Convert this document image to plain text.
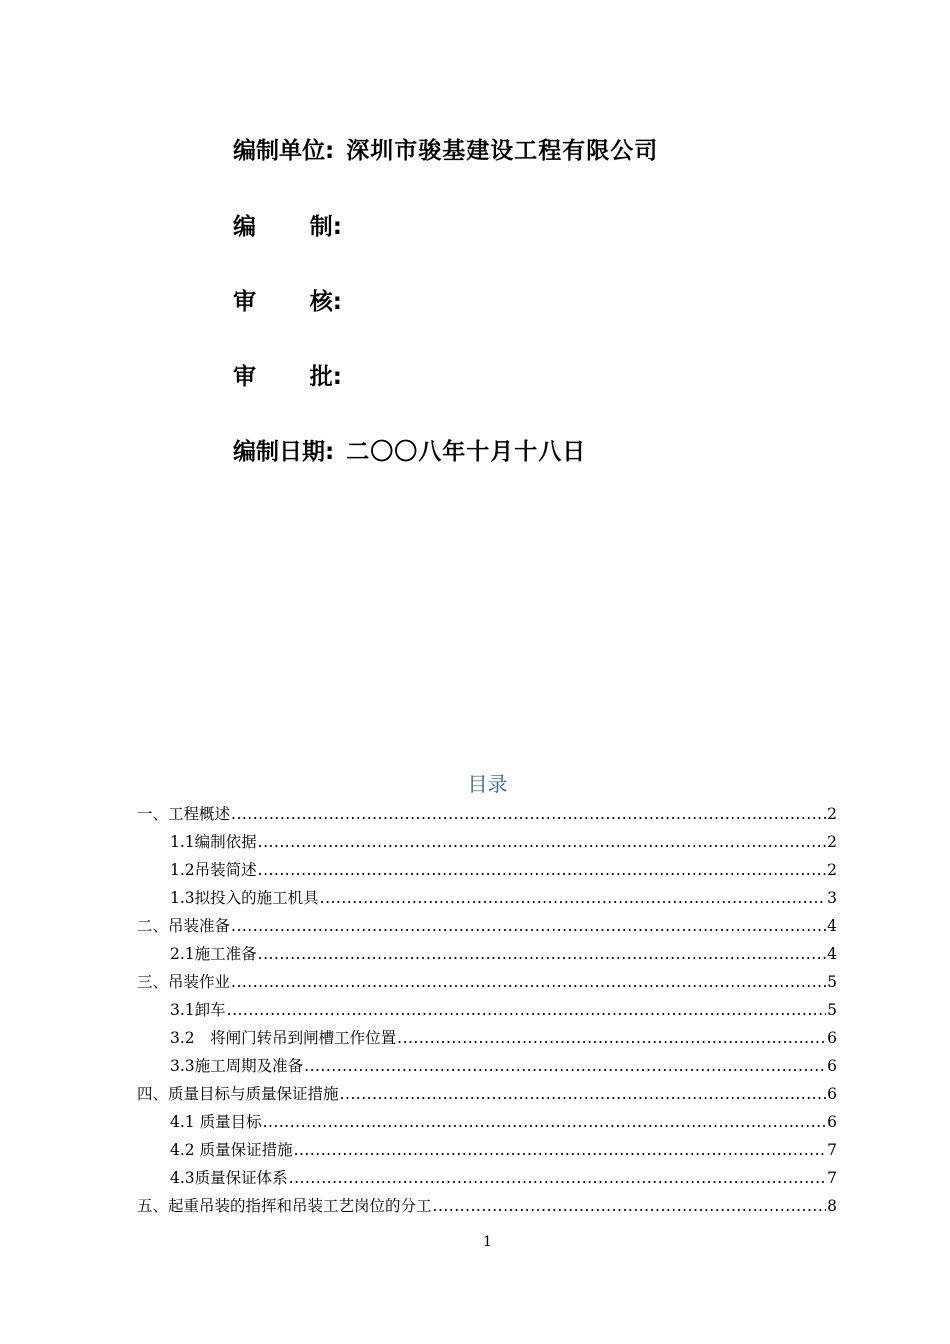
编制单位: 深圳市骏基建设工程有限公司
编 制:
审 核:
审 批:
编制日期: 二〇〇八年十月十八日
目录
一、工程概述 .....	2
1.1编制依据 .....	2
1.2吊装简述 .....	2
1.3拟投入的施工机具 .....	3
二、吊装准备 .....	4
2.1施工准备 .....	4
三、吊装作业 .....	5
3.1卸车 .....	5
3.2　将闸门转吊到闸槽工作位置 .....	6
3.3施工周期及准备 .....	6
四、质量目标与质量保证措施 .....	6
4.1 质量目标 .....	6
4.2 质量保证措施 .....	7
4.3质量保证体系 .....	7
五、起重吊装的指挥和吊装工艺岗位的分工 .....	8
1
